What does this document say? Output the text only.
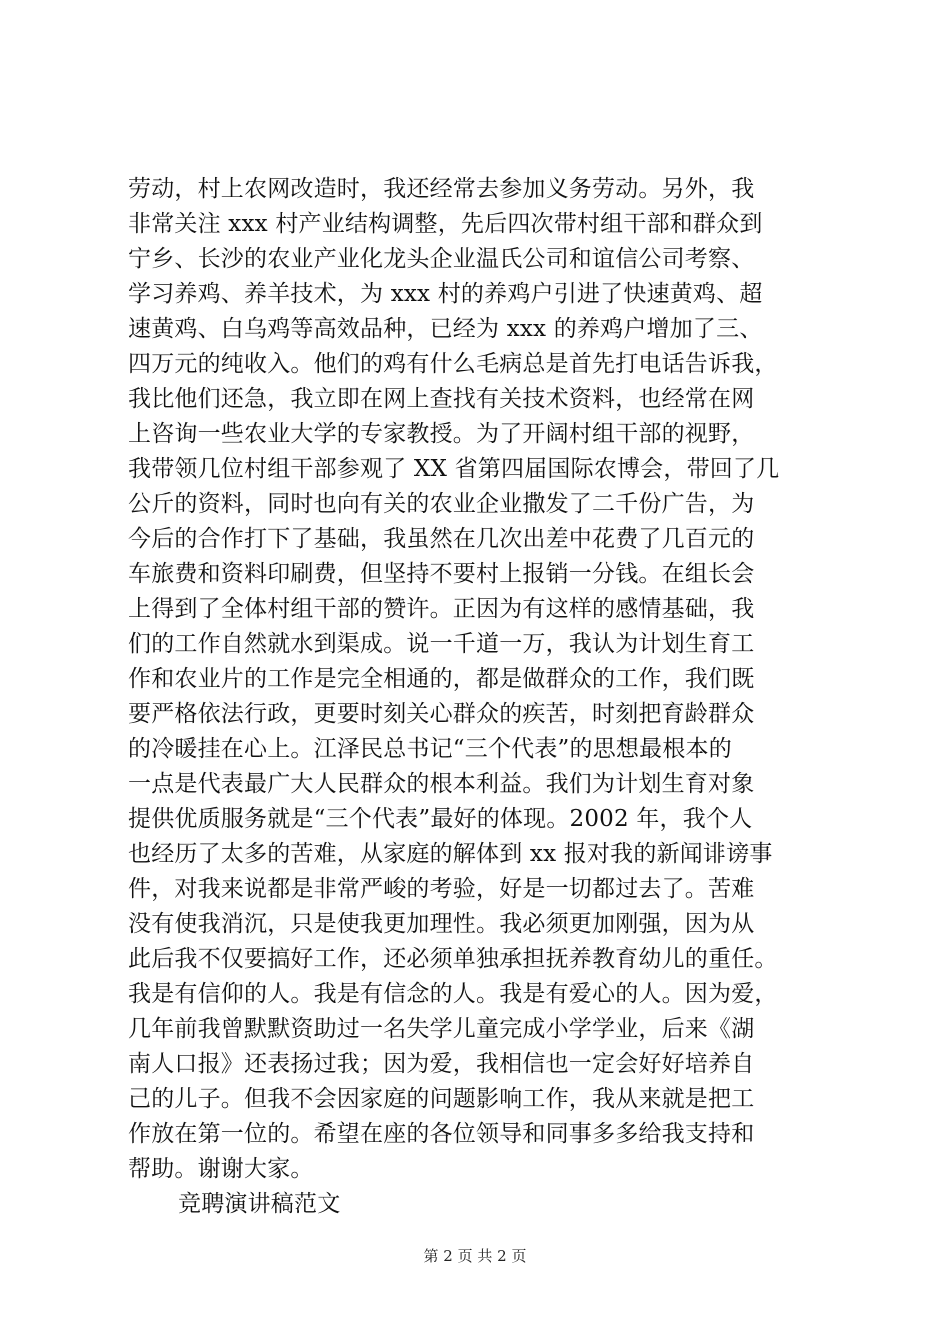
劳动，村上农网改造时，我还经常去参加义务劳动。另外，我
非常关注 xxx 村产业结构调整，先后四次带村组干部和群众到
宁乡、长沙的农业产业化龙头企业温氏公司和谊信公司考察、
学习养鸡、养羊技术，为 xxx 村的养鸡户引进了快速黄鸡、超
速黄鸡、白乌鸡等高效品种，已经为 xxx 的养鸡户增加了三、
四万元的纯收入。他们的鸡有什么毛病总是首先打电话告诉我，
我比他们还急，我立即在网上查找有关技术资料，也经常在网
上咨询一些农业大学的专家教授。为了开阔村组干部的视野，
我带领几位村组干部参观了 XX 省第四届国际农博会，带回了几
公斤的资料，同时也向有关的农业企业撒发了二千份广告，为
今后的合作打下了基础，我虽然在几次出差中花费了几百元的
车旅费和资料印刷费，但坚持不要村上报销一分钱。在组长会
上得到了全体村组干部的赞许。正因为有这样的感情基础，我
们的工作自然就水到渠成。说一千道一万，我认为计划生育工
作和农业片的工作是完全相通的，都是做群众的工作，我们既
要严格依法行政，更要时刻关心群众的疾苦，时刻把育龄群众
的冷暖挂在心上。江泽民总书记“三个代表”的思想最根本的
一点是代表最广大人民群众的根本利益。我们为计划生育对象
提供优质服务就是“三个代表”最好的体现。2002 年，我个人
也经历了太多的苦难，从家庭的解体到 xx 报对我的新闻诽谤事
件，对我来说都是非常严峻的考验，好是一切都过去了。苦难
没有使我消沉，只是使我更加理性。我必须更加刚强，因为从
此后我不仅要搞好工作，还必须单独承担抚养教育幼儿的重任。
我是有信仰的人。我是有信念的人。我是有爱心的人。因为爱，
几年前我曾默默资助过一名失学儿童完成小学学业，后来《湖
南人口报》还表扬过我；因为爱，我相信也一定会好好培养自
己的儿子。但我不会因家庭的问题影响工作，我从来就是把工
作放在第一位的。希望在座的各位领导和同事多多给我支持和
帮助。谢谢大家。
竞聘演讲稿范文
第 2 页 共 2 页
